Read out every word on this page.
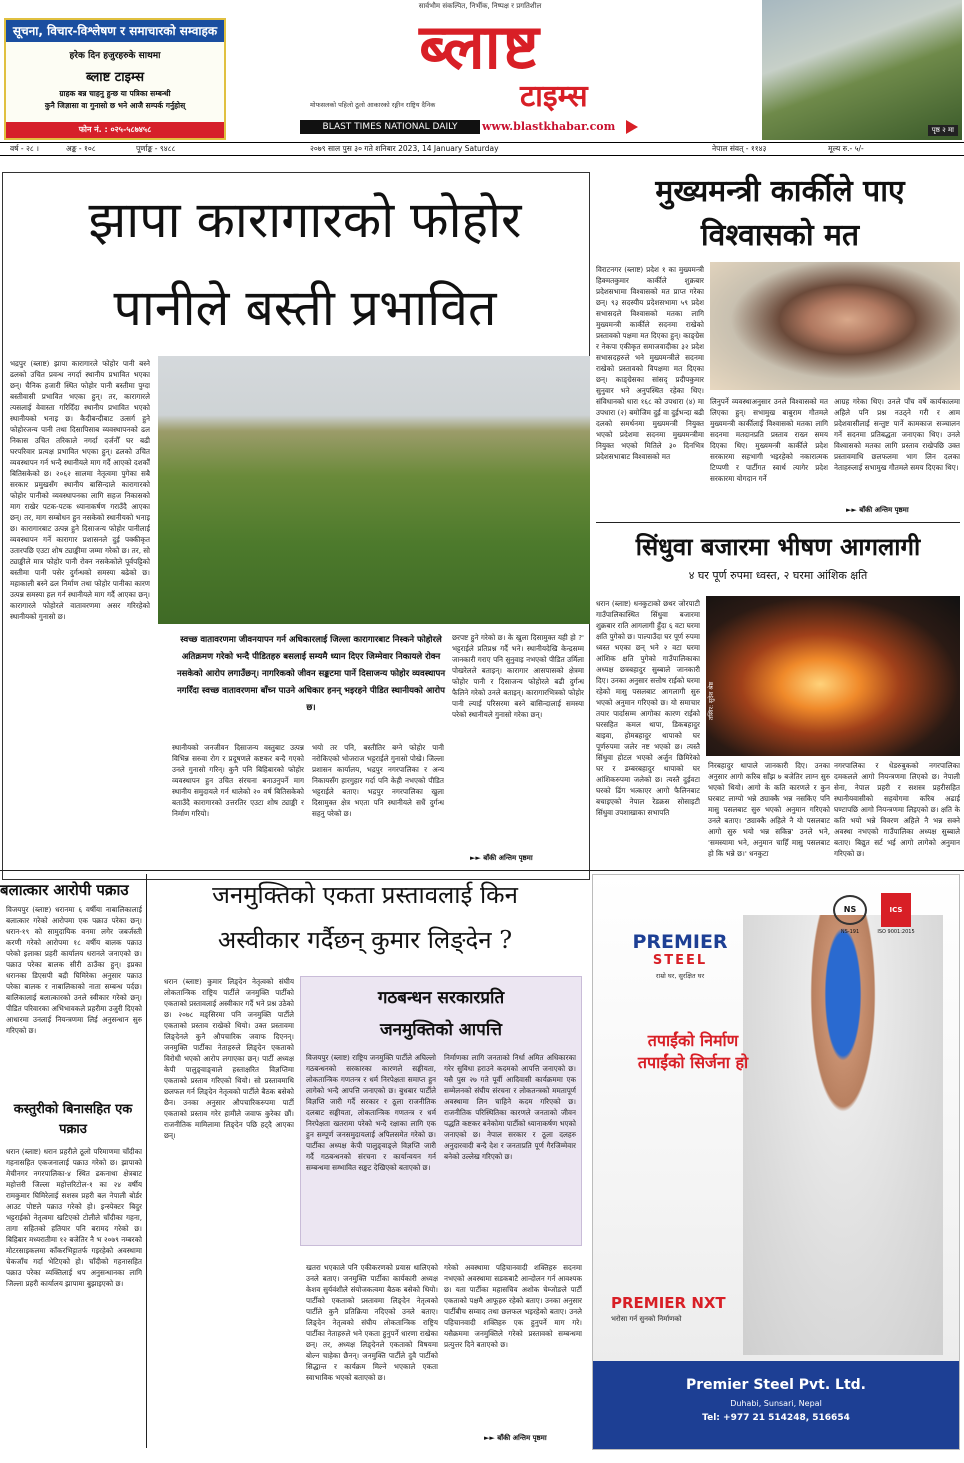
सूचना, विचार-विश्लेषण र समाचारको सम्वाहक
हरेक दिन हजुरहरुके साथमा
ब्लाष्ट टाइम्स
ग्राहक बन्न चाहनु हुन्छ या पत्रिका सम्बन्धी
कुनै जिज्ञासा वा गुनासो छ भने आजै सम्पर्क गर्नुहोस्
फोन नं. : ०२५-५८७४५८
सार्वभौम संकल्पित, निर्भीक, निष्पक्ष र प्रगतिशील
ब्लाष्ट
टाइम्स
मोफसलको पहिलो ठूलो आकारको रङ्गीन राष्ट्रिय दैनिक
BLAST TIMES NATIONAL DAILY	www.blastkhabar.com	पृष्ठ २ मा
वर्ष - २८ ।	अङ्क - १०८	पूर्णाङ्क - ९४८८	२०७९ साल पुस ३० गते शनिबार 2023, 14 January Saturday	नेपाल संवत् - ११४३	मूल्य रु.- ५/-
झापा कारागारको फोहोर
पानीले बस्ती प्रभावित
भद्रपुर (ब्लाष्ट) झापा कारागारले फोहोर पानी बस्ने ढलको उचित प्रवन्ध नगर्दा स्थानीय प्रभावित भएका छन्। चैनिक हजारी स्थित फोहोर पानी बस्तीमा पुग्दा बस्तीवासी प्रभावित भएका हुन्। तर, कारागारले त्यसलाई वेवास्ता गरिदिँदा स्थानीय प्रभावित भएको स्थानीयको भनाइ छ। कैदीबन्दीबाट उत्सर्ग हुने फोहोरजन्य पानी तथा दिसापिसाब व्यवस्थापनको ढल निकास उचित तरिकाले नगर्दा दर्जनौँ घर बढी घरपरिवार प्रत्यक्ष प्रभावित भएका हुन्। ढलको उचित व्यवस्थापन गर्न भन्दै स्थानीयले माग गर्दै आएको दशकौँ बितिसकेको छ। २०६२ सालमा नेतृत्वमा पुगेका सबै सरकार प्रमुखसँग स्थानीय बासिन्दाले कारागारको फोहोर पानीको व्यवस्थापनका लागि सहज निकासको माग राखेर पटक-पटक ध्यानाकर्षण गराउँदै आएका छन्। तर, माग सम्बोधन हुन नसकेको स्थानीयको भनाइ छ। कारागारबाट उत्पन्न हुने दिसाजन्य फोहोर पानीलाई व्यवस्थापन गर्ने कारागार प्रशासनले दुई पक्कीकृत उतारपछि एउटा शोष ट्याङ्कीमा जम्मा गरेको छ। तर, सो ट्याङ्कीले मात्र फोहोर पानी रोक्न नसकेकोले पूर्वपट्टिको बस्तीमा पानी पसेर दुर्गन्धको समस्या बढेको छ। महाकाली बस्ने ढल निर्माण तथा फोहोर पानीका कारण उत्पन्न समस्या हल गर्न स्थानीयले माग गर्दै आएका छन्। कारागारले फोहोरले वातावरणमा असर गरिरहेको स्थानीयको गुनासो छ।
स्वच्छ वातावरणमा जीवनयापन गर्न अधिकारलाई जिल्ला कारागारबाट निस्कने फोहोरले अतिक्रमण गरेको भन्दै पीडितहरु बसलाई सम्यमै ध्यान दिएर जिम्मेवार निकायले रोक्न नसकेको आरोप लगाउँछन्। नागरिकको जीवन सङ्कटमा पार्ने दिसाजन्य फोहोर व्यवस्थापन नगरिँदा स्वच्छ वातावरणमा बाँच्न पाउने अधिकार हनन् भइरहने पीडित स्थानीयको आरोप छ।
स्थानीयको जनजीवन दिसाजन्य वस्तुबाट उत्पन्न विभिन्न सरुवा रोग र प्रदूषणले कष्टकर बन्दै गएको उनले गुनासो गरिन्। कुनै पनि बिहिबारको फोहोर व्यवस्थापन हुन उचित संरचना बनाउनुपर्ने माग स्थानीय समुदायले गर्न थालेको २० वर्ष बितिसकेको बताउँदै कारागारको उत्तरतिर एउटा शोष ट्याङ्की र निर्माण गरियो।
भयो तर पनि, बस्तीतिर बग्ने फोहोर पानी नरोकिएको भोजराज भट्टराईले गुनासो पोखे। जिल्ला प्रशासन कार्यालय, भद्रपुर नगरपालिका र अन्य निकायसँग हारगुहार गर्दा पनि केही नभएको पीडित भट्टराईले बताए। भद्रपुर नगरपालिका खुला दिसामुक्त क्षेत्र भएता पनि स्थानीयले सधैं दुर्गन्ध सहनु परेको छ।
छरपष्ट हुने गरेको छ। के खुला दिसामुक्त यही हो ?' भट्टराईले प्रतिप्रश्न गर्दै भने। स्थानीयदेखि केन्द्रसम्म जानकारी गराए पनि सुनुवाइ नभएको पीडित उर्मिला पोखरेलले बताइन्। कारागार आसपासको क्षेत्रमा फोहोर पानी र दिसाजन्य फोहोरले बढी दुर्गन्ध फैलिने गरेको उनले बताइन्। कारागारभित्रको फोहोर पानी ल्याई परिसरमा बस्ने बासिन्दालाई समस्या परेको स्थानीयले गुनासो गरेका छन्।
►► बाँकी अन्तिम पृष्ठमा
मुख्यमन्त्री कार्कीले पाए
विश्वासको मत
विराटनगर (ब्लाष्ट) प्रदेश १ का मुख्यमन्त्री हिक्मतकुमार कार्कीले शुक्रबार प्रदेशसभामा विश्वासको मत प्राप्त गरेका छन्। ९३ सदस्यीय प्रदेशसभामा ५९ प्रदेश सभासदले विश्वासको मतका लागि मुख्यमन्त्री कार्कीले सदनमा राखेको प्रस्तावको पक्षमा मत दिएका हुन्। काङ्ग्रेस र नेकपा एकीकृत समाजवादीका ३२ प्रदेश सभासदहरुले भने मुख्यमन्त्रीले सदनमा राखेको प्रस्तावको विपक्षमा मत दिएका छन्। काङ्ग्रेसका सांसद् प्रदीपकुमार सुनुवार भने अनुपस्थित रहेका थिए। संविधानको धारा १६८ को उपधारा (४) मा उपधारा (२) बमोजिम दुई वा दुईभन्दा बढी दलको समर्थनमा मुख्यमन्त्री नियुक्त भएको प्रदेशमा सदनमा मुख्यमन्त्रीमा नियुक्त भएको मितिले ३० दिनभित्र प्रदेशसभाबाट विश्वासको मत
लिनुपर्ने व्यवस्थाअनुसार उनले विश्वासको मत लिएका हुन्। सभामुख बाबुराम गौतमले मुख्यमन्त्री कार्कीलाई विश्वासको मतका लागि सदनमा मतदानप्रति प्रस्ताव राख्न समय दिएका थिए। मुख्यमन्त्री कार्कीले प्रदेश सरकारमा सहभागी भइरहेको नकारात्मक टिप्पणी र पार्टीगत स्वार्थ त्यागेर प्रदेश सरकारमा योगदान गर्ने
आग्रह गरेका थिए। उनले पाँच वर्षे कार्यकालमा अहिले पनि प्रश्न नउठ्ने गरी र आम प्रदेशवासीलाई सन्तुष्ट पार्ने कामकाज सञ्चालन गर्ने सदनमा प्रतिबद्धता जनाएका थिए। उनले विश्वासको मतका लागि प्रस्ताव राखेपछि उक्त प्रस्तावमाथि छलफलमा भाग लिन दलका नेताहरुलाई सभामुख गौतमले समय दिएका थिए।
►► बाँकी अन्तिम पृष्ठमा
सिंधुवा बजारमा भीषण आगलागी
४ घर पूर्ण रुपमा ध्वस्त, २ घरमा आंशिक क्षति
धरान (ब्लाष्ट) धनकुटाको छथर जोरपाटी गाउँपालिकास्थित सिंधुवा बजारमा शुक्रबार राति आगलागी हुँदा ६ वटा घरमा क्षति पुगेको छ। पाल्पाउँदा घर पूर्ण रुपमा ध्वस्त भएका छन् भने २ वटा घरमा आंशिक क्षति पुगेको गाउँपालिकाका अध्यक्ष छत्रबहादुर सुब्बाले जानकारी दिए। उनका अनुसार सत्तोष राईको घरमा रहेको मासु पसलबाट आगलागी सुरु भएको अनुमान गरिएको छ। यो समाचार तयार पार्दासम्म आगोका कारण राईको घरसहित कमल थापा, डिकबहादुर बाइवा, होमबहादुर थापाको घर पूर्णरुपमा जलेर नष्ट भएको छ। त्यस्तै सिंधुवा होटल भएको अर्जुन छिमिरेको घर र डम्बरबहादुर थापाको घर आंशिकरुपमा जलेको छ। त्यस्तै दुईवटा घरको ढिंग भत्काएर आगो फैलिनबाट बचाइएको नेपाल रेडक्रस सोसाइटी सिंधुवा उपशाखाका सभापति
तस्विर: सुदेश श्रेष्ठ
निरबहादुर थापाले जानकारी दिए। उनका अनुसार आगो करिब साँझ ७ बजेतिर लाग्न सुरु भएको थियो। आगो के कति कारणले र कुन घरबाट लाग्यो भन्ने ठ्याक्कै भन्न नसकिए पनि मासु पसलबाट सुरु भएको अनुमान गरिएको उनले बताए। 'ठ्याक्कै अहिले नै यो पसलबाट आगो सुरु भयो भन्न सकिन्न' उनले भने, 'समस्यामा भने, अनुमान चाहिँ मासु पसलबाट हो कि भन्ने छ।' धनकुटा
नगरपालिका र धेडरुबुकको नगरपालिका दमकलले आगो नियन्त्रणमा लिएको छ। नेपाली सेना, नेपाल प्रहरी र सशस्त्र प्रहरीसहित स्थानीयवासीको सहयोगमा करिब अढाई घण्टापछि आगो नियन्त्रणमा लिइएको छ। क्षति के कति भयो भन्ने विवरण अहिले नै भन्न सक्ने अवस्था नभएको गाउँपालिका अध्यक्ष सुब्बाले बताए। बिद्युत सर्ट भई आगो लागेको अनुमान गरिएको छ।
बलात्कार आरोपी पक्राउ
विजयपुर (ब्लाष्ट) धरानमा ६ वर्षीया नाबालिकालाई बलात्कार गरेको आरोपमा एक पक्राउ परेका छन्। धरान-१९ को सामुदायिक वनमा लगेर जबर्जस्ती करणी गरेको आरोपमा १८ वर्षीय बालक पक्राउ परेको इलाका प्रहरी कार्यालय धरानले जनाएको छ। पक्राउ परेका बालक सीरी ठाउँका हुन्। इप्रका धरानका डिएसपी बद्री घिमिरेका अनुसार पक्राउ परेका बालक र नाबालिकाको नाता सम्बन्ध पर्दछ। बालिकालाई बलात्कारको उनले स्वीकार गरेको छन्। पीडित परिवारका अभिभावकले प्रहरीमा उजुरी दिएको आधारमा उनलाई नियन्त्रणमा लिई अनुसन्धान सुरु गरिएको छ।
कस्तुरीको बिनासहित एक पक्राउ
धरान (ब्लाष्ट) धरान प्रहरीले ठूलो परिमाणमा चाँदीका गहनासहित एकजनालाई पक्राउ गरेको छ। झापाको मेचीनगर नगरपालिका-४ स्थित ढकनाथा क्षेत्रबाट महोत्तरी जिल्ला महोत्तरिटोल-१ का २४ वर्षीय रामकुमार घिमिरेलाई सशस्त्र प्रहरी बल नेपाली बोर्डर आउट पोष्टले पक्राउ गरेको हो। इन्स्पेक्टर बिदुर भट्टराईको नेतृत्वमा खटिएको टोलीले चाँदीका गहना, तागा सहितको हतियार पनि बरामद गरेको छ। बिहिबार मध्यरातीमा १२ बजेतिर नै भ २०७९ नम्बरको मोटरसाइकलमा काँकरभिट्टातर्फ गइरहेको अवस्थामा चेकजाँच गर्दा भेटिएको हो। चाँदीको गहनासहित पक्राउ परेका व्यक्तिलाई थप अनुसन्धानका लागि जिल्ला प्रहरी कार्यालय झापामा बुझाइएको छ।
जनमुक्तिको एकता प्रस्तावलाई किन
अस्वीकार गर्दैछन् कुमार लिङ्देन ?
धरान (ब्लाष्ट) कुमार लिङ्देन नेतृत्वको संघीय लोकतान्त्रिक राष्ट्रिय पार्टीले जनमुक्ति पार्टीको एकताको प्रस्तावलाई अस्वीकार गर्दै भने प्रश्न उठेको छ। २०७८ मङ्सिरमा पनि जनमुक्ति पार्टीले एकताको प्रस्ताव राखेको थियो। उक्त प्रस्तावमा लिङ्देनले कुनै औपचारिक जवाफ दिएनन्। जनमुक्ति पार्टीका नेताहरुले लिङ्देन एकताको विरोधी भएको आरोप लगाएका छन्। पार्टी अध्यक्ष केपी पालुङ्वाङ्वाले हस्ताक्षरित विज्ञप्तिमा एकताको प्रस्ताव गरिएको थियो। सो प्रस्तावमाथि छलफल गर्न लिङ्देन नेतृत्वको पार्टीले बैठक बसेको छैन। उनका अनुसार औपचारिकरुपमा पार्टी एकताको प्रस्ताव गरेर हामीले जवाफ कुरेका छौं। राजनीतिक मामिलामा लिङ्देन पछि हट्दै आएका छन्।
खतरा भएकाले पनि एकीकरणको प्रयास थालिएको उनले बताए। जनमुक्ति पार्टीका कार्यकारी अध्यक्ष केशव सुर्यवंशीले संयोजकत्वमा बैठक बसेको थियो। पार्टीको एकताको प्रस्तावमा लिङ्देन नेतृत्वको पार्टीले कुनै प्रतिक्रिया नदिएको उनले बताए। लिङ्देन नेतृत्वको संघीय लोकतान्त्रिक राष्ट्रिय पार्टीका नेताहरुले भने एकता हुनुपर्ने धारणा राखेका छन्। तर, अध्यक्ष लिङ्देनले एकताको विषयमा बोल्न चाहेका छैनन्। जनमुक्ति पार्टीले दुवै पार्टीको सिद्धान्त र कार्यक्रम मिल्ने भएकाले एकता स्वाभाविक भएको बताएको छ।
गठबन्धन सरकारप्रति
जनमुक्तिको आपत्ति
विजयपुर (ब्लाष्ट) राष्ट्रिय जनमुक्ति पार्टीले अघिल्लो गठबन्धनको सरकारका कारणले सङ्घीयता, लोकतान्त्रिक गणतन्त्र र धर्म निरपेक्षता समाप्त हुन लागेको भन्दै आपत्ति जनाएको छ। बुधबार पार्टीले विज्ञप्ति जारी गर्दै सरकार र ठूला राजनीतिक दलबाट सङ्घीयता, लोकतान्त्रिक गणतन्त्र र धर्म निरपेक्षता खतरामा परेको भन्दै रक्षाका लागि एक हुन सम्पूर्ण जनसमुदायलाई अपिलसमेत गरेको छ। पार्टीका अध्यक्ष केपी पालुङ्वाङ्ले विज्ञप्ति जारी गर्दै गठबन्धनको संरचना र कार्यान्वयन गर्न सम्बन्धमा सम्भावित सङ्कट देखिएको बताएको छ।
निर्माणका लागि जनताको निर्धा अमित अधिकारका गरेर सुविधा हराउने कदमको आपत्ति जनाएको छ। यसै पुस २७ गते पूर्वी आदिवासी कार्यक्रममा एक सम्मेलनको संघीय संरचना र लोकतन्त्रको ममतापूर्ण अवस्थामा लिन चाहिने कदम गरिएको छ। राजनीतिक परिस्थितिका कारणले जनताको जीवन पद्धति कष्टकर बनेकोमा पार्टीको ध्यानाकर्षण भएको जनाएको छ। नेपाल सरकार र ठूला दलहरु अनुदारवादी बन्दै देश र जनताप्रति पूर्ण गैरजिम्मेवार बनेको उल्लेख गरिएको छ।
गरेको अवस्थामा पहिचानवादी शक्तिहरु सदनमा नभएको अवस्थामा सडकबाटै आन्दोलन गर्न आवश्यक छ। यता पार्टीका महासचिव अशोक चेम्जोङले पार्टी एकताको पक्षमै आफूहरु रहेको बताए। उनका अनुसार पार्टीबीच सम्वाद तथा छलफल भइरहेको बताए। उनले पहिचानवादी शक्तिहरु एक हुनुपर्ने माग गरे। यसैक्रममा जनमुक्तिले गरेको प्रस्तावको सम्बन्धमा प्रत्युत्तर दिने बताएको छ।
►► बाँकी अन्तिम पृष्ठमा
PREMIER
STEEL
राम्रो घर, सुरक्षित घर
NS	ICS
NS-191	ISO 9001:2015
तपाईंको निर्माण
तपाईंको सिर्जना हो
PREMIER NXT
भरोसा गर्न सुनको निर्माणको
Premier Steel Pvt. Ltd.
Duhabi, Sunsari, Nepal
Tel: +977 21 514248, 516654
